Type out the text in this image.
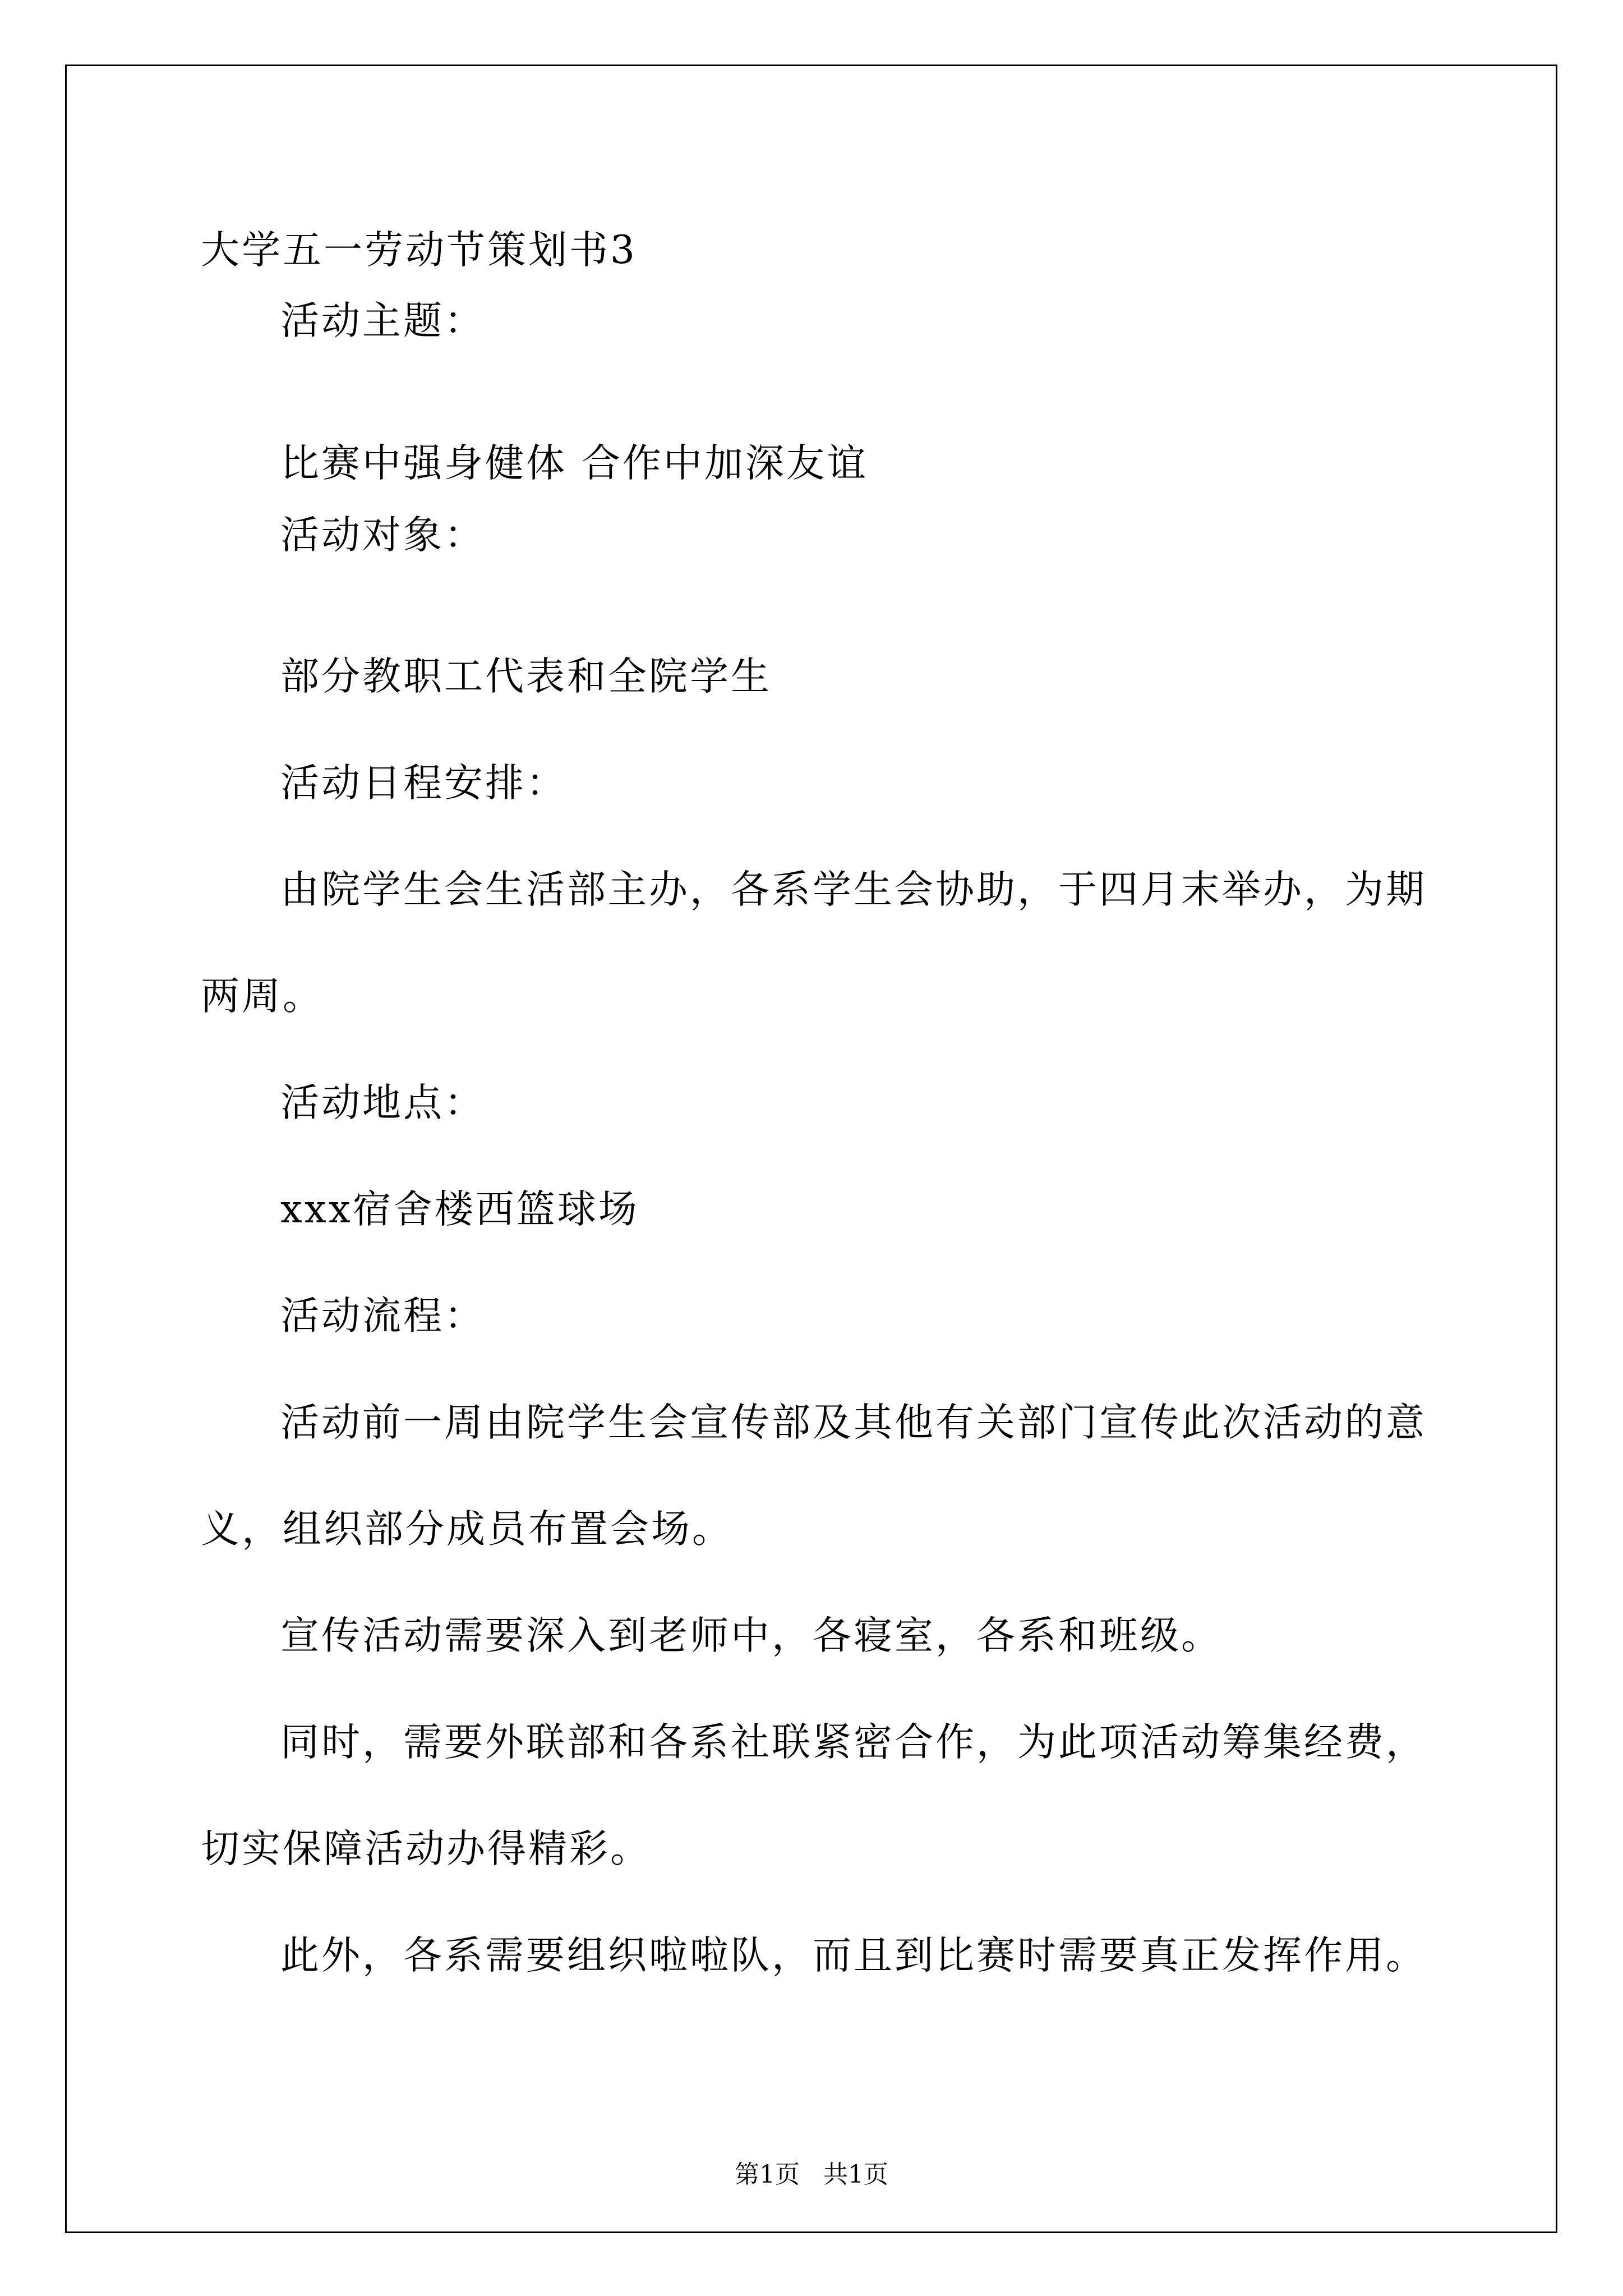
大学五一劳动节策划书3
活动主题：
比赛中强身健体 合作中加深友谊
活动对象：
部分教职工代表和全院学生
活动日程安排：
由院学生会生活部主办，各系学生会协助，于四月末举办，为期
两周。
活动地点：
xxx宿舍楼西篮球场
活动流程：
活动前一周由院学生会宣传部及其他有关部门宣传此次活动的意
义，组织部分成员布置会场。
宣传活动需要深入到老师中，各寝室，各系和班级。
同时，需要外联部和各系社联紧密合作，为此项活动筹集经费，
切实保障活动办得精彩。
此外，各系需要组织啦啦队，而且到比赛时需要真正发挥作用。
第1页   共1页
